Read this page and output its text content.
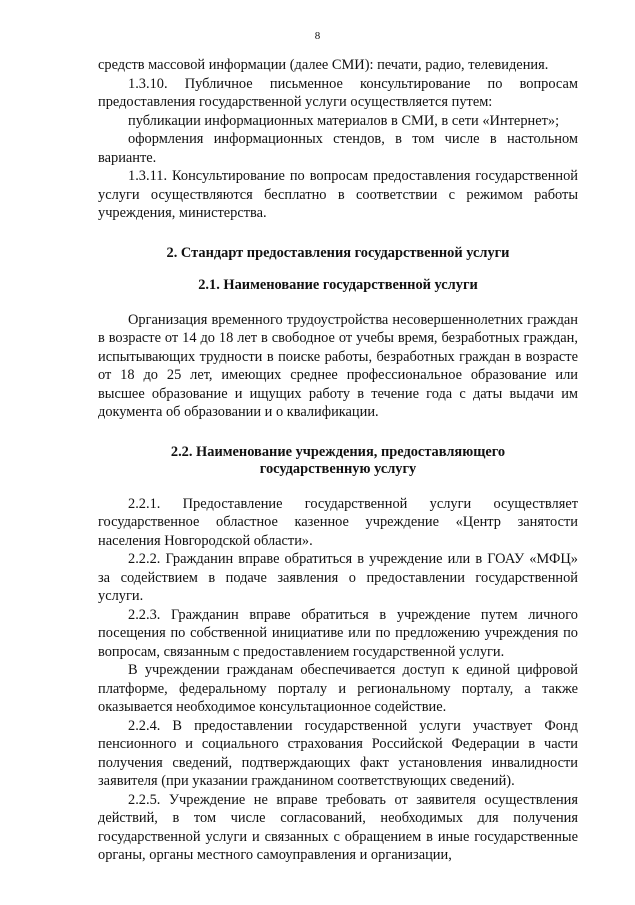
8

средств массовой информации (далее СМИ): печати, радио, телевидения.

1.3.10. Публичное письменное консультирование по вопросам предоставления государственной услуги осуществляется путем:

публикации информационных материалов в СМИ, в сети «Интернет»;

оформления информационных стендов, в том числе в настольном варианте.

1.3.11. Консультирование по вопросам предоставления государственной услуги осуществляются бесплатно в соответствии с режимом работы учреждения, министерства.

2. Стандарт предоставления государственной услуги

2.1. Наименование государственной услуги

Организация временного трудоустройства несовершеннолетних граждан в возрасте от 14 до 18 лет в свободное от учебы время, безработных граждан, испытывающих трудности в поиске работы, безработных граждан в возрасте от 18 до 25 лет, имеющих среднее профессиональное образование или высшее образование и ищущих работу в течение года с даты выдачи им документа об образовании и о квалификации.

2.2. Наименование учреждения, предоставляющего

государственную услугу

2.2.1. Предоставление государственной услуги осуществляет государственное областное казенное учреждение «Центр занятости населения Новгородской области».

2.2.2. Гражданин вправе обратиться в учреждение или в ГОАУ «МФЦ» за содействием в подаче заявления о предоставлении государственной услуги.

2.2.3. Гражданин вправе обратиться в учреждение путем личного посещения по собственной инициативе или по предложению учреждения по вопросам, связанным с предоставлением государственной услуги.

В учреждении гражданам обеспечивается доступ к единой цифровой платформе, федеральному порталу и региональному порталу, а также оказывается необходимое консультационное содействие.

2.2.4. В предоставлении государственной услуги участвует Фонд пенсионного и социального страхования Российской Федерации в части получения сведений, подтверждающих факт установления инвалидности заявителя (при указании гражданином соответствующих сведений).

2.2.5. Учреждение не вправе требовать от заявителя осуществления действий, в том числе согласований, необходимых для получения государственной услуги и связанных с обращением в иные государственные органы, органы местного самоуправления и организации,
